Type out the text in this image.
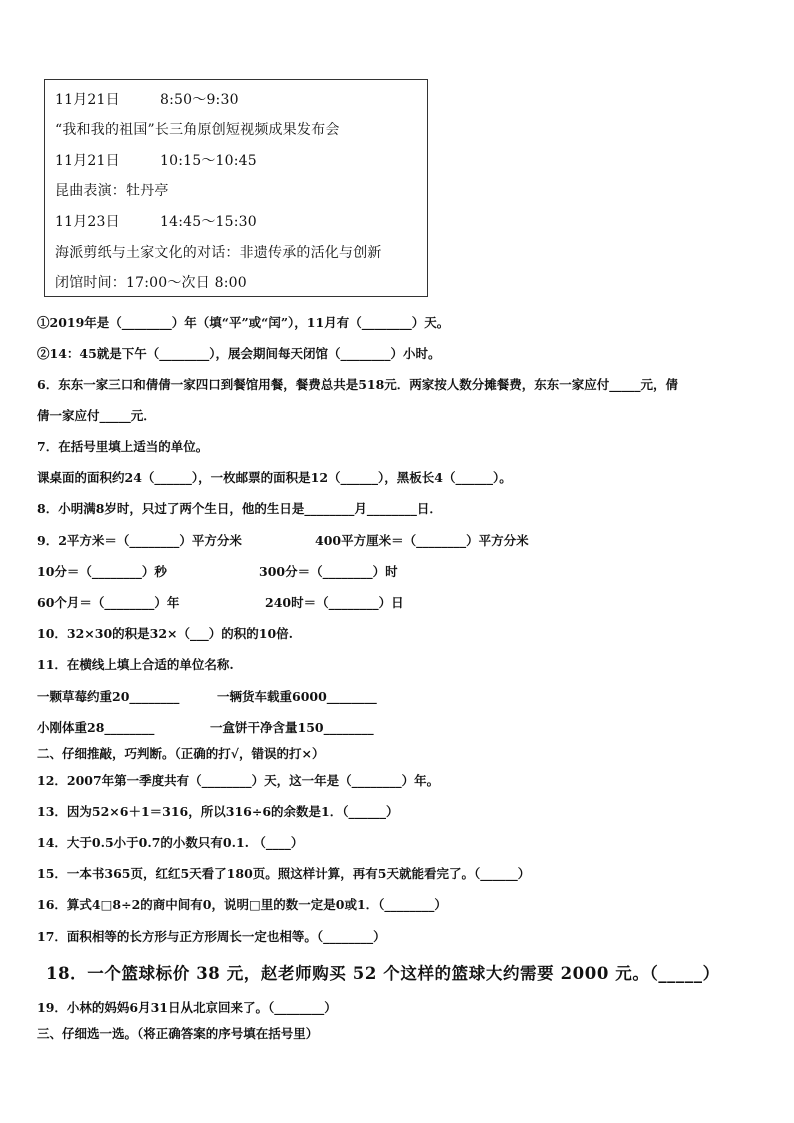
11月21日	8:50～9:30
“我和我的祖国”长三角原创短视频成果发布会
11月21日	10:15～10:45
昆曲表演：牡丹亭
11月23日	14:45～15:30
海派剪纸与土家文化的对话：非遗传承的活化与创新
闭馆时间：17:00～次日 8:00
①2019年是（________）年（填“平”或“闰”），11月有（________）天。
②14：45就是下午（________），展会期间每天闭馆（________）小时。
6．东东一家三口和倩倩一家四口到餐馆用餐，餐费总共是518元．两家按人数分摊餐费，东东一家应付_____元，倩
倩一家应付_____元．
7．在括号里填上适当的单位。
课桌面的面积约24（______），一枚邮票的面积是12（______），黑板长4（______）。
8．小明满8岁时，只过了两个生日，他的生日是________月________日．
9．2平方米＝（________）平方分米	400平方厘米＝（________）平方分米
10分＝（________）秒	300分＝（________）时
60个月＝（________）年	240时＝（________）日
10．32×30的积是32×（___）的积的10倍.
11．在横线上填上合适的单位名称.
一颗草莓约重20________	一辆货车载重6000________
小刚体重28________	一盒饼干净含量150________
二、仔细推敲，巧判断。（正确的打√，错误的打×）
12．2007年第一季度共有（________）天，这一年是（________）年。
13．因为52×6＋1＝316，所以316÷6的余数是1．（______）
14．大于0.5小于0.7的小数只有0.1. （____）
15．一本书365页，红红5天看了180页。照这样计算，再有5天就能看完了。（______）
16．算式4□8÷2的商中间有0，说明□里的数一定是0或1．（________）
17．面积相等的长方形与正方形周长一定也相等。（________）
18．一个篮球标价 38 元，赵老师购买 52 个这样的篮球大约需要 2000 元。（_____）
19．小林的妈妈6月31日从北京回来了。（________）
三、仔细选一选。（将正确答案的序号填在括号里）
